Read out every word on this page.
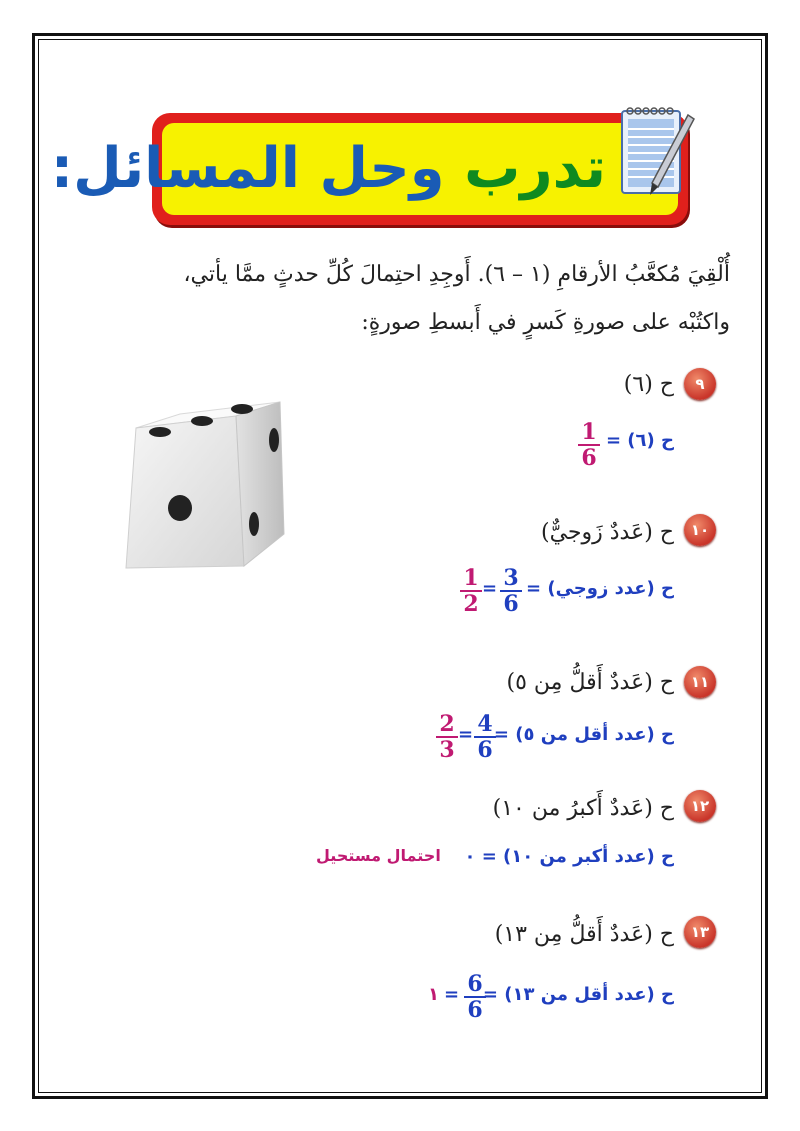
تدرب وحل المسائل:
أُلْقِيَ مُكعَّبُ الأرقامِ (١ – ٦). أَوجِدِ احتِمالَ كُلِّ حدثٍ ممَّا يأتي،
واكتُبْه على صورةِ كَسرٍ في أَبسطِ صورةٍ:
٩
ح (٦)
ح (٦) =
$\frac{1}{6}$
١٠
ح (عَددٌ زَوجيٌّ)
ح (عدد زوجي) =
$\frac{3}{6}$
=
$\frac{1}{2}$
١١
ح (عَددٌ أَقلُّ مِن ٥)
ح (عدد أقل من ٥) =
$\frac{4}{6}$
=
$\frac{2}{3}$
١٢
ح (عَددٌ أَكبرُ من ١٠)
ح (عدد أكبر من ١٠) = ٠
احتمال مستحيل
١٣
ح (عَددٌ أَقلُّ مِن ١٣)
ح (عدد أقل من ١٣) =
$\frac{6}{6}$
=
١
